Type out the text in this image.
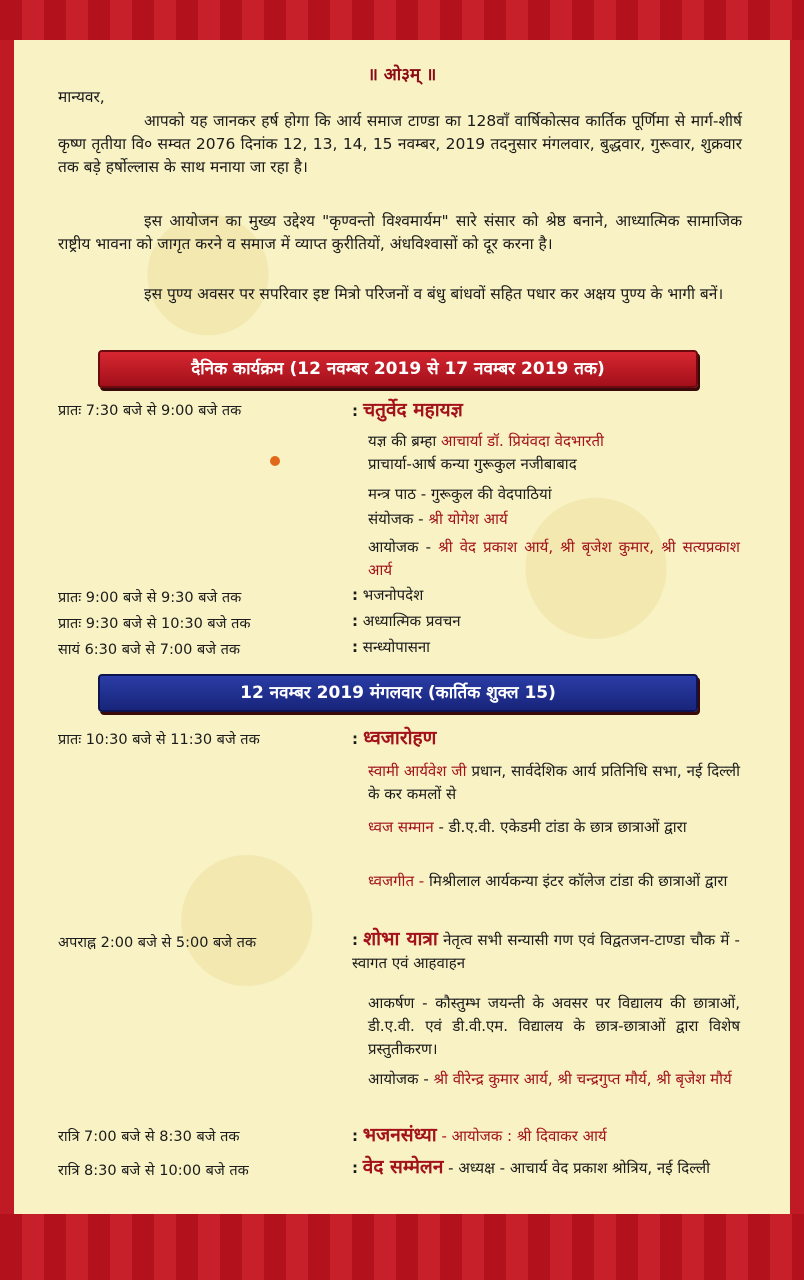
॥ ओ३म् ॥
मान्यवर,
आपको यह जानकर हर्ष होगा कि आर्य समाज टाण्डा का 128वाँ वार्षिकोत्सव कार्तिक पूर्णिमा से मार्ग-शीर्ष कृष्ण तृतीया वि० सम्वत 2076 दिनांक 12, 13, 14, 15 नवम्बर, 2019 तदनुसार मंगलवार, बुद्धवार, गुरूवार, शुक्रवार तक बड़े हर्षोल्लास के साथ मनाया जा रहा है।
इस आयोजन का मुख्य उद्देश्य "कृण्वन्तो विश्वमार्यम" सारे संसार को श्रेष्ठ बनाने, आध्यात्मिक सामाजिक राष्ट्रीय भावना को जागृत करने व समाज में व्याप्त कुरीतियों, अंधविश्वासों को दूर करना है।
इस पुण्य अवसर पर सपरिवार इष्ट मित्रो परिजनों व बंधु बांधवों सहित पधार कर अक्षय पुण्य के भागी बनें।
दैनिक कार्यक्रम (12 नवम्बर 2019 से 17 नवम्बर 2019 तक)
प्रातः 7:30 बजे से 9:00 बजे तक	: चतुर्वेद महायज्ञ
यज्ञ की ब्रम्हा आचार्या डॉ. प्रियंवदा वेदभारती
प्राचार्या-आर्ष कन्या गुरूकुल नजीबाबाद
मन्त्र पाठ - गुरूकुल की वेदपाठियां
संयोजक - श्री योगेश आर्य
आयोजक - श्री वेद प्रकाश आर्य, श्री बृजेश कुमार, श्री सत्यप्रकाश आर्य
प्रातः 9:00 बजे से 9:30 बजे तक	: भजनोपदेश
प्रातः 9:30 बजे से 10:30 बजे तक	: अध्यात्मिक प्रवचन
सायं 6:30 बजे से 7:00 बजे तक	: सन्ध्योपासना
12 नवम्बर 2019 मंगलवार (कार्तिक शुक्ल 15)
प्रातः 10:30 बजे से 11:30 बजे तक	: ध्वजारोहण
स्वामी आर्यवेश जी प्रधान, सार्वदेशिक आर्य प्रतिनिधि सभा, नई दिल्ली के कर कमलों से
ध्वज सम्मान - डी.ए.वी. एकेडमी टांडा के छात्र छात्राओं द्वारा
ध्वजगीत - मिश्रीलाल आर्यकन्या इंटर कॉलेज टांडा की छात्राओं द्वारा
अपराह्न 2:00 बजे से 5:00 बजे तक	: शोभा यात्रा नेतृत्व सभी सन्यासी गण एवं विद्वतजन-टाण्डा चौक में - स्वागत एवं आहवाहन
आकर्षण - कौस्तुम्भ जयन्ती के अवसर पर विद्यालय की छात्राओं, डी.ए.वी. एवं डी.वी.एम. विद्यालय के छात्र-छात्राओं द्वारा विशेष प्रस्तुतीकरण।
आयोजक - श्री वीरेन्द्र कुमार आर्य, श्री चन्द्रगुप्त मौर्य, श्री बृजेश मौर्य
रात्रि 7:00 बजे से 8:30 बजे तक	: भजनसंध्या - आयोजक : श्री दिवाकर आर्य
रात्रि 8:30 बजे से 10:00 बजे तक	: वेद सम्मेलन - अध्यक्ष - आचार्य वेद प्रकाश श्रोत्रिय, नई दिल्ली
